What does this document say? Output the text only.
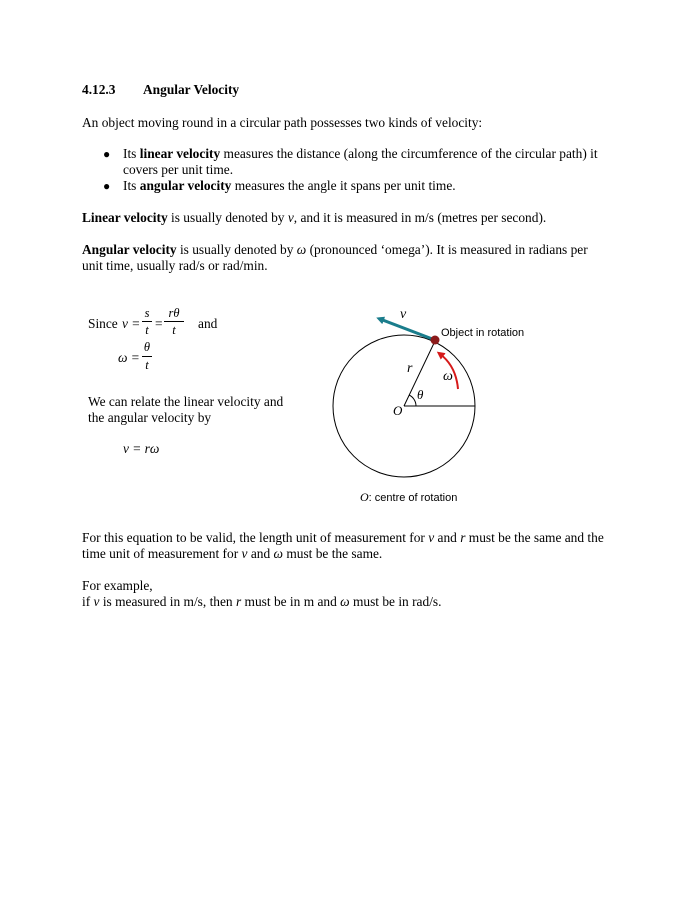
4.12.3 Angular Velocity
An object moving round in a circular path possesses two kinds of velocity:
● Its linear velocity measures the distance (along the circumference of the circular path) it
covers per unit time.
● Its angular velocity measures the angle it spans per unit time.
Linear velocity is usually denoted by v, and it is measured in m/s (metres per second).
Angular velocity is usually denoted by ω (pronounced ‘omega’). It is measured in radians per
unit time, usually rad/s or rad/min.
Since v =
s
t =
rθ
t	and
ω =
θ
t
We can relate the linear velocity and
the angular velocity by
v = rω
v
Object in rotation
r
ω
θ
O
O: centre of rotation
For this equation to be valid, the length unit of measurement for v and r must be the same and the
time unit of measurement for v and ω must be the same.
For example,
if v is measured in m/s, then r must be in m and ω must be in rad/s.
